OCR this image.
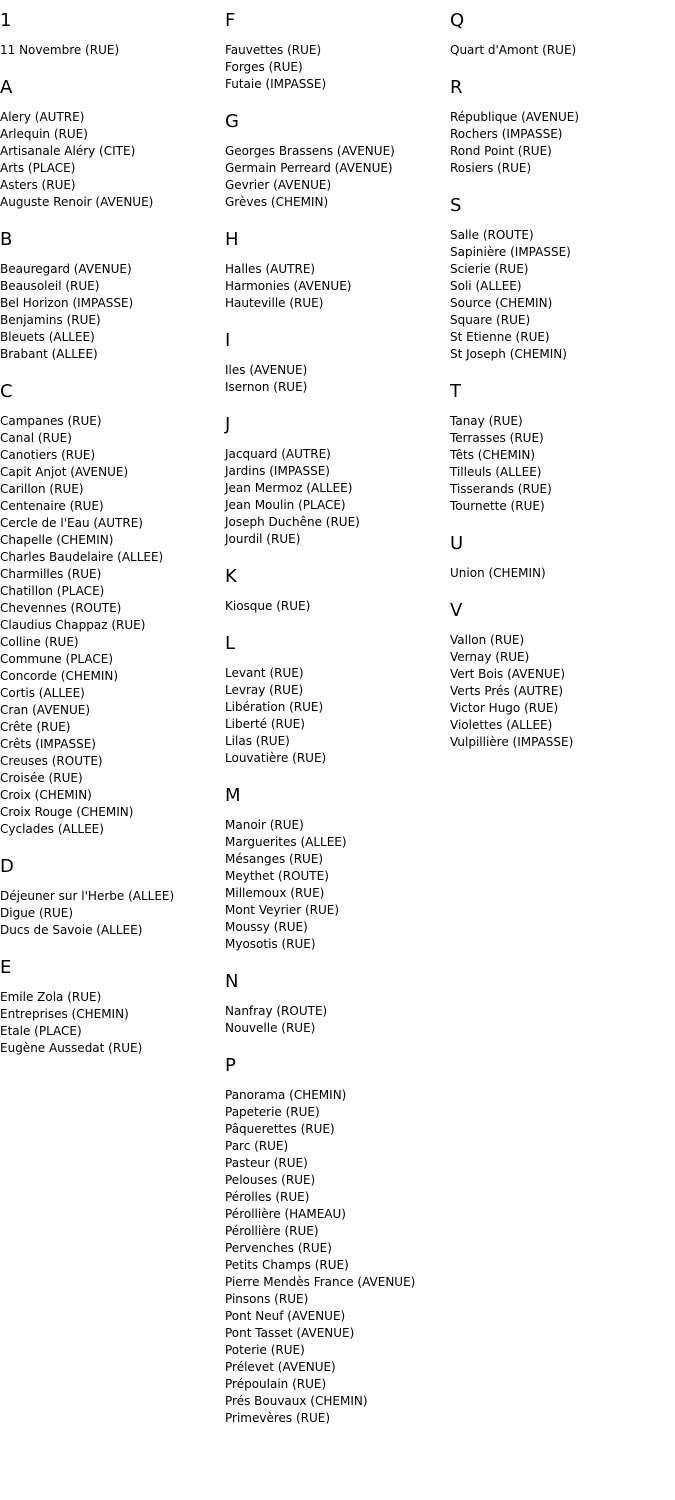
1
11 Novembre (RUE)
A
Alery (AUTRE)
Arlequin (RUE)
Artisanale Aléry (CITE)
Arts (PLACE)
Asters (RUE)
Auguste Renoir (AVENUE)
B
Beauregard (AVENUE)
Beausoleil (RUE)
Bel Horizon (IMPASSE)
Benjamins (RUE)
Bleuets (ALLEE)
Brabant (ALLEE)
C
Campanes (RUE)
Canal (RUE)
Canotiers (RUE)
Capit Anjot (AVENUE)
Carillon (RUE)
Centenaire (RUE)
Cercle de l'Eau (AUTRE)
Chapelle (CHEMIN)
Charles Baudelaire (ALLEE)
Charmilles (RUE)
Chatillon (PLACE)
Chevennes (ROUTE)
Claudius Chappaz (RUE)
Colline (RUE)
Commune (PLACE)
Concorde (CHEMIN)
Cortis (ALLEE)
Cran (AVENUE)
Crête (RUE)
Crêts (IMPASSE)
Creuses (ROUTE)
Croisée (RUE)
Croix (CHEMIN)
Croix Rouge (CHEMIN)
Cyclades (ALLEE)
D
Déjeuner sur l'Herbe (ALLEE)
Digue (RUE)
Ducs de Savoie (ALLEE)
E
Emile Zola (RUE)
Entreprises (CHEMIN)
Etale (PLACE)
Eugène Aussedat (RUE)
F
Fauvettes (RUE)
Forges (RUE)
Futaie (IMPASSE)
G
Georges Brassens (AVENUE)
Germain Perreard (AVENUE)
Gevrier (AVENUE)
Grèves (CHEMIN)
H
Halles (AUTRE)
Harmonies (AVENUE)
Hauteville (RUE)
I
Iles (AVENUE)
Isernon (RUE)
J
Jacquard (AUTRE)
Jardins (IMPASSE)
Jean Mermoz (ALLEE)
Jean Moulin (PLACE)
Joseph Duchêne (RUE)
Jourdil (RUE)
K
Kiosque (RUE)
L
Levant (RUE)
Levray (RUE)
Libération (RUE)
Liberté (RUE)
Lilas (RUE)
Louvatière (RUE)
M
Manoir (RUE)
Marguerites (ALLEE)
Mésanges (RUE)
Meythet (ROUTE)
Millemoux (RUE)
Mont Veyrier (RUE)
Moussy (RUE)
Myosotis (RUE)
N
Nanfray (ROUTE)
Nouvelle (RUE)
P
Panorama (CHEMIN)
Papeterie (RUE)
Pâquerettes (RUE)
Parc (RUE)
Pasteur (RUE)
Pelouses (RUE)
Pérolles (RUE)
Pérollière (HAMEAU)
Pérollière (RUE)
Pervenches (RUE)
Petits Champs (RUE)
Pierre Mendès France (AVENUE)
Pinsons (RUE)
Pont Neuf (AVENUE)
Pont Tasset (AVENUE)
Poterie (RUE)
Prélevet (AVENUE)
Prépoulain (RUE)
Prés Bouvaux (CHEMIN)
Primevères (RUE)
Q
Quart d'Amont (RUE)
R
République (AVENUE)
Rochers (IMPASSE)
Rond Point (RUE)
Rosiers (RUE)
S
Salle (ROUTE)
Sapinière (IMPASSE)
Scierie (RUE)
Soli (ALLEE)
Source (CHEMIN)
Square (RUE)
St Etienne (RUE)
St Joseph (CHEMIN)
T
Tanay (RUE)
Terrasses (RUE)
Têts (CHEMIN)
Tilleuls (ALLEE)
Tisserands (RUE)
Tournette (RUE)
U
Union (CHEMIN)
V
Vallon (RUE)
Vernay (RUE)
Vert Bois (AVENUE)
Verts Prés (AUTRE)
Victor Hugo (RUE)
Violettes (ALLEE)
Vulpillière (IMPASSE)
